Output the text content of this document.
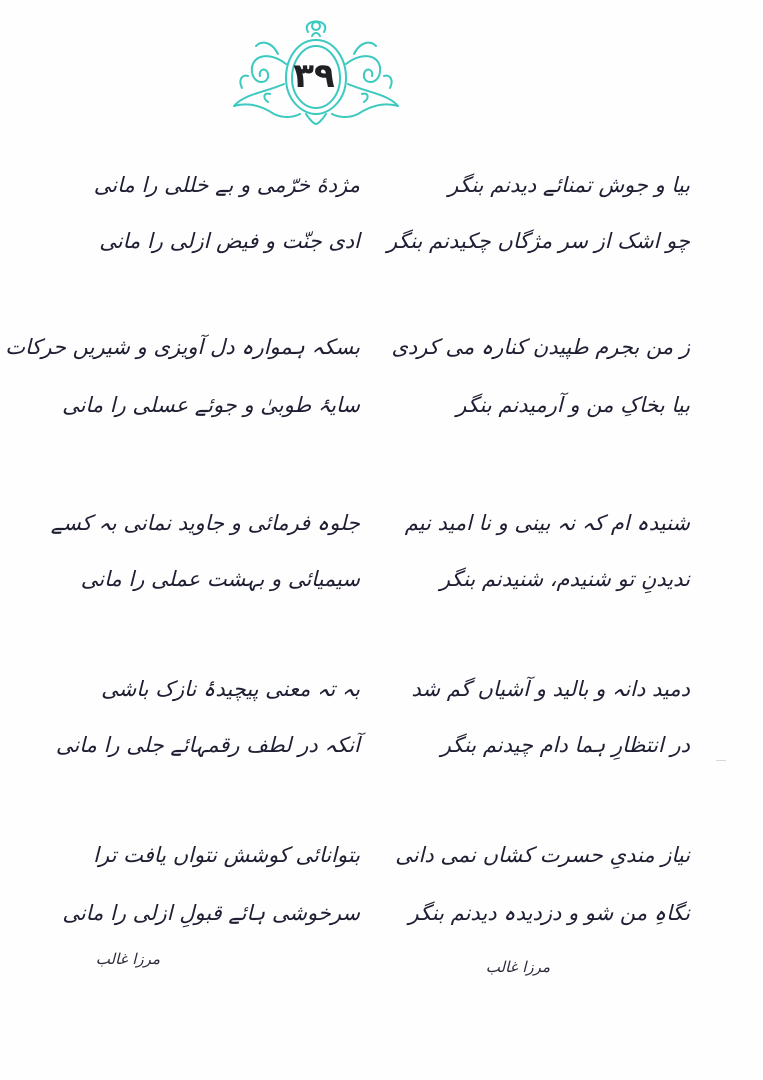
۳۹
بیا و جوش تمنائے دیدنم بنگر
چو اشک از سر مژگاں چکیدنم بنگر
مژدهٔ خرّمی و بے خللی را مانی
ادی جنّت و فیض ازلی را مانی
ز من بجرم طپیدن کنارہ می کردی
بیا بخاکِ من و آرمیدنم بنگر
بسکہ ہموارہ دل آویزی و شیریں حرکات
سایۂ طوبیٰ و جوئے عسلی را مانی
شنیدہ ام کہ نہ بینی و نا امید نیم
ندیدنِ تو شنیدم، شنیدنم بنگر
جلوہ فرمائی و جاوید نمانی بہ کسے
سیمیائی و بہشت عملی را مانی
دمید دانہ و بالید و آشیاں گم شد
در انتظارِ ہما دام چیدنم بنگر
بہ تہ معنی پیچیدۂ نازک باشی
آنکہ در لطف رقمہائے جلی را مانی
نیاز مندیِ حسرت کشاں نمی دانی
نگاہِ من شو و دزدیدہ دیدنم بنگر
بتوانائی کوشش نتواں یافت ترا
سرخوشی ہائے قبولِ ازلی را مانی
مرزا غالب
مرزا غالب
